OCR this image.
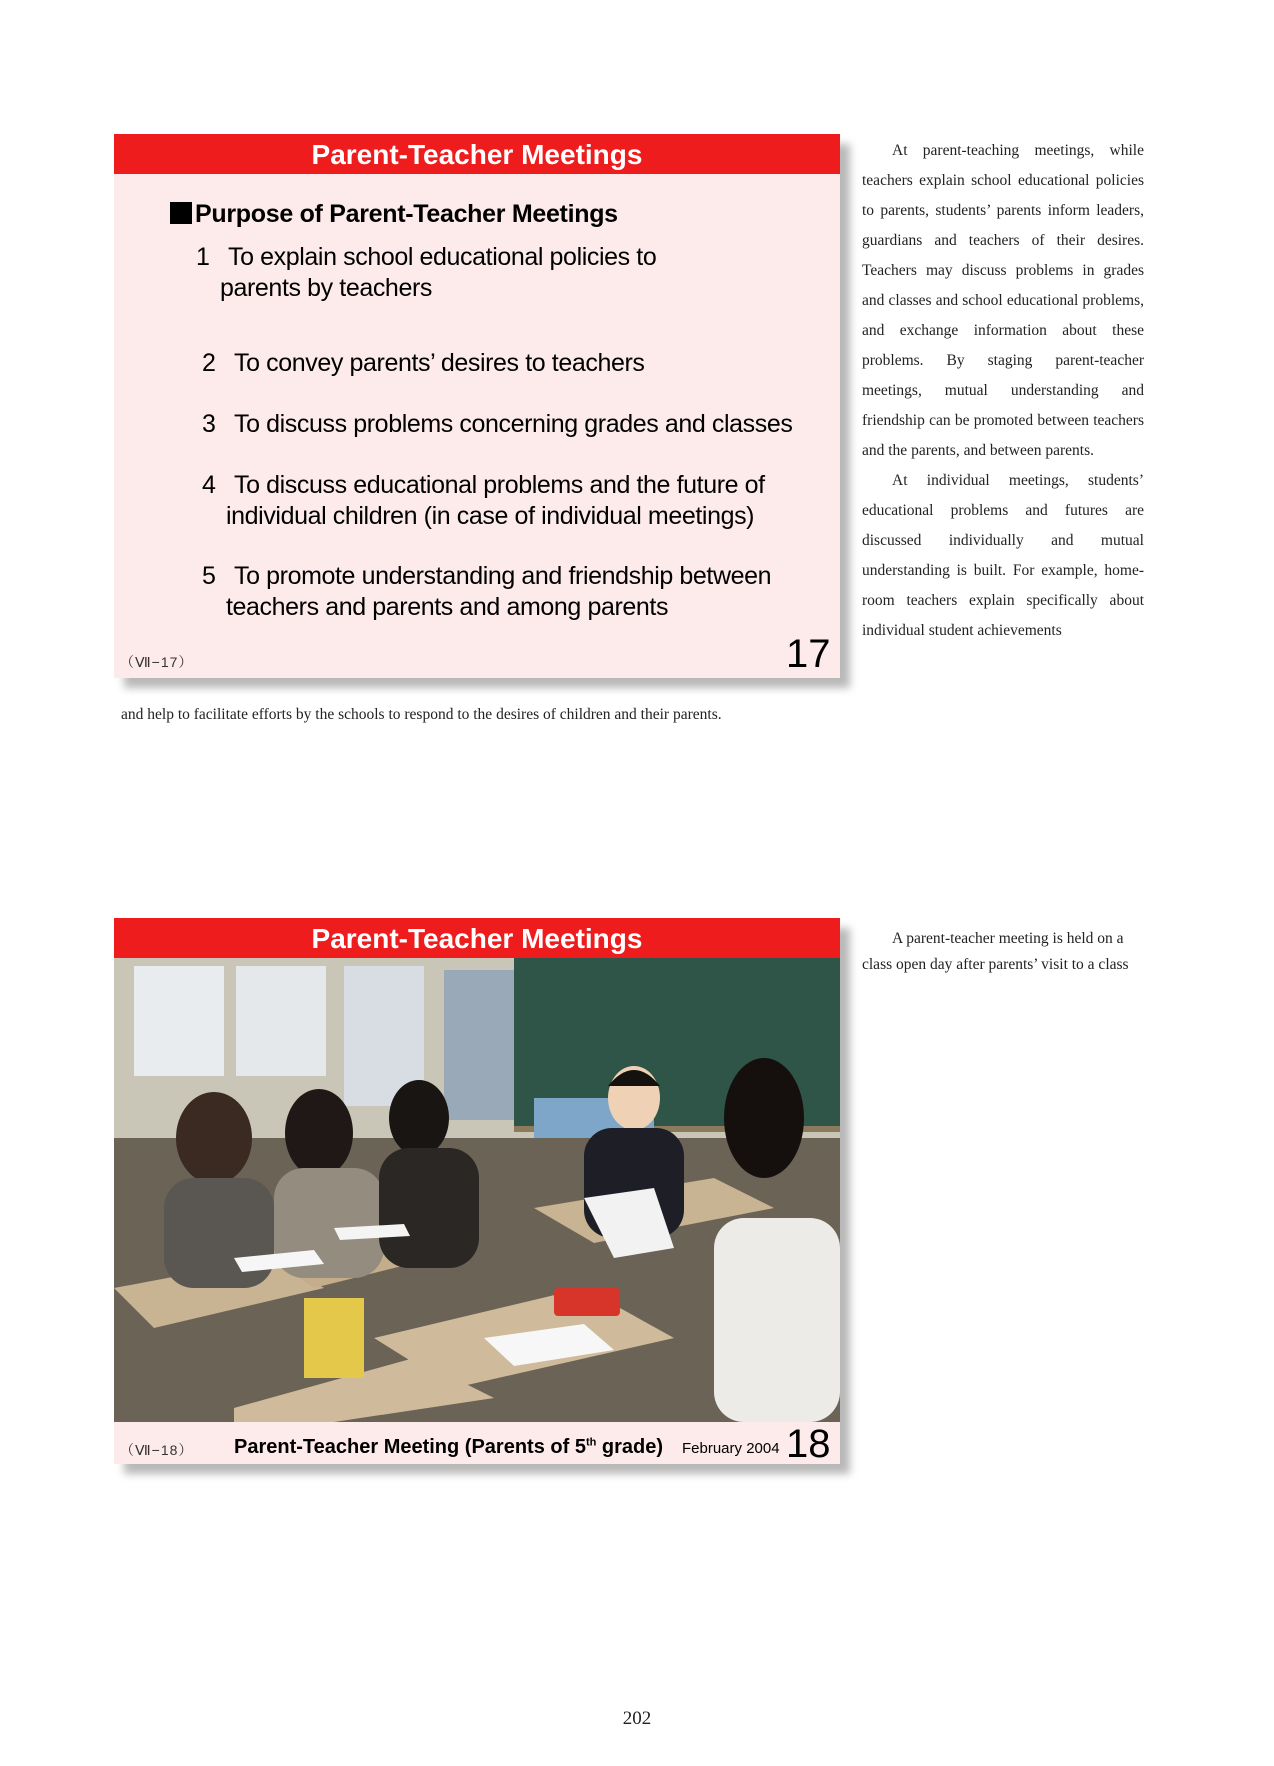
Parent-Teacher Meetings
Purpose of Parent-Teacher Meetings
1 To explain school educational policies to
parents by teachers
2 To convey parents’ desires to teachers
3 To discuss problems concerning grades and classes
4 To discuss educational problems and the future of
individual children (in case of individual meetings)
5 To promote understanding and friendship between
teachers and parents and among parents
（Ⅶ−17）	17

At parent-teaching meetings, while teachers explain school educational policies to parents, students’ parents inform leaders, guardians and teachers of their desires. Teachers may discuss problems in grades and classes and school educational problems, and exchange information about these problems. By staging parent-teacher meetings, mutual understanding and friendship can be promoted between teachers and the parents, and between parents.

At individual meetings, students’ educational problems and futures are discussed individually and mutual understanding is built. For example, home-room teachers explain specifically about individual student achievements

and help to facilitate efforts by the schools to respond to the desires of children and their parents.
Parent-Teacher Meetings
（Ⅶ−18） Parent-Teacher Meeting (Parents of 5th grade) February 2004 18

A parent-teacher meeting is held on a class open day after parents’ visit to a class

202
